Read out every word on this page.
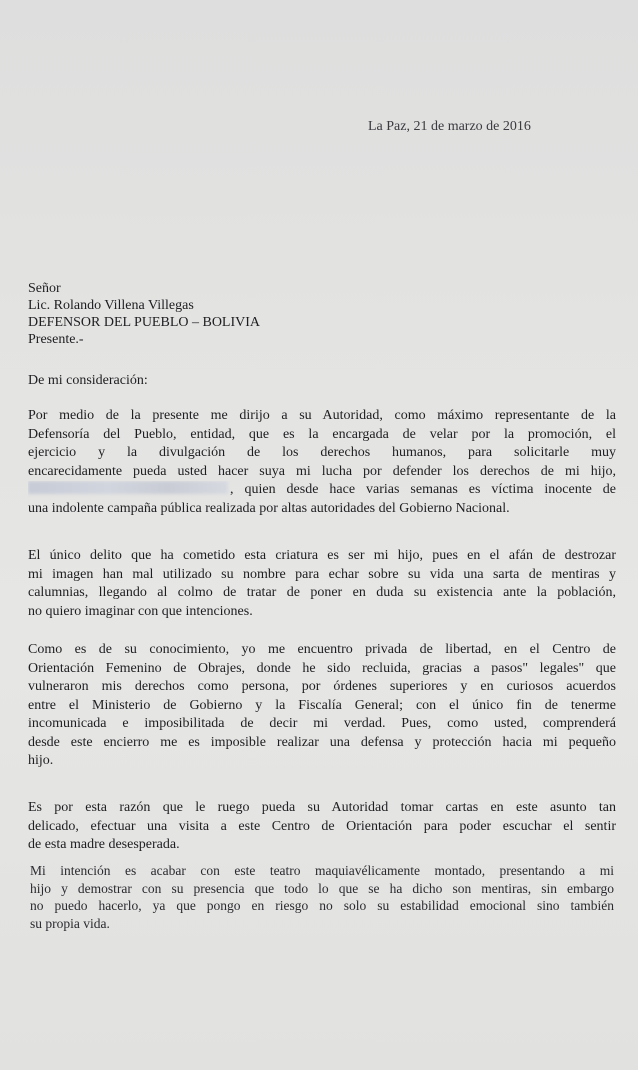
La Paz, 21 de marzo de 2016
Señor
Lic. Rolando Villena Villegas
DEFENSOR DEL PUEBLO – BOLIVIA
Presente.-
De mi consideración:
Por medio de la presente me dirijo a su Autoridad, como máximo representante de la
Defensoría del Pueblo, entidad, que es la encargada de velar por la promoción, el
ejercicio y la divulgación de los derechos humanos, para solicitarle muy
encarecidamente pueda usted hacer suya mi lucha por defender los derechos de mi hijo,
, quien desde hace varias semanas es víctima inocente de
una indolente campaña pública realizada por altas autoridades del Gobierno Nacional.
El único delito que ha cometido esta criatura es ser mi hijo, pues en el afán de destrozar
mi imagen han mal utilizado su nombre para echar sobre su vida una sarta de mentiras y
calumnias, llegando al colmo de tratar de poner en duda su existencia ante la población,
no quiero imaginar con que intenciones.
Como es de su conocimiento, yo me encuentro privada de libertad, en el Centro de
Orientación Femenino de Obrajes, donde he sido recluida, gracias a pasos" legales" que
vulneraron mis derechos como persona, por órdenes superiores y en curiosos acuerdos
entre el Ministerio de Gobierno y la Fiscalía General; con el único fin de tenerme
incomunicada e imposibilitada de decir mi verdad. Pues, como usted, comprenderá
desde este encierro me es imposible realizar una defensa y protección hacia mi pequeño
hijo.
Es por esta razón que le ruego pueda su Autoridad tomar cartas en este asunto tan
delicado, efectuar una visita a este Centro de Orientación para poder escuchar el sentir
de esta madre desesperada.
Mi intención es acabar con este teatro maquiavélicamente montado, presentando a mi
hijo y demostrar con su presencia que todo lo que se ha dicho son mentiras, sin embargo
no puedo hacerlo, ya que pongo en riesgo no solo su estabilidad emocional sino también
su propia vida.
